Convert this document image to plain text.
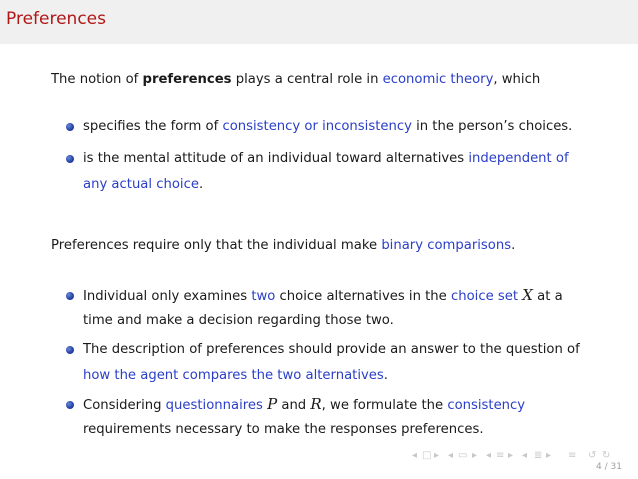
Preferences
The notion of preferences plays a central role in economic theory, which
specifies the form of consistency or inconsistency in the person’s choices.
is the mental attitude of an individual toward alternatives independent of
any actual choice.
Preferences require only that the individual make binary comparisons.
Individual only examines two choice alternatives in the choice set X at a
time and make a decision regarding those two.
The description of preferences should provide an answer to the question of
how the agent compares the two alternatives.
Considering questionnaires P and R, we formulate the consistency
requirements necessary to make the responses preferences.
◂ □ ▸ ◂ ▭ ▸ ◂ ≡ ▸ ◂ ≣ ▸ ≡ ↺ ↻
4 / 31
